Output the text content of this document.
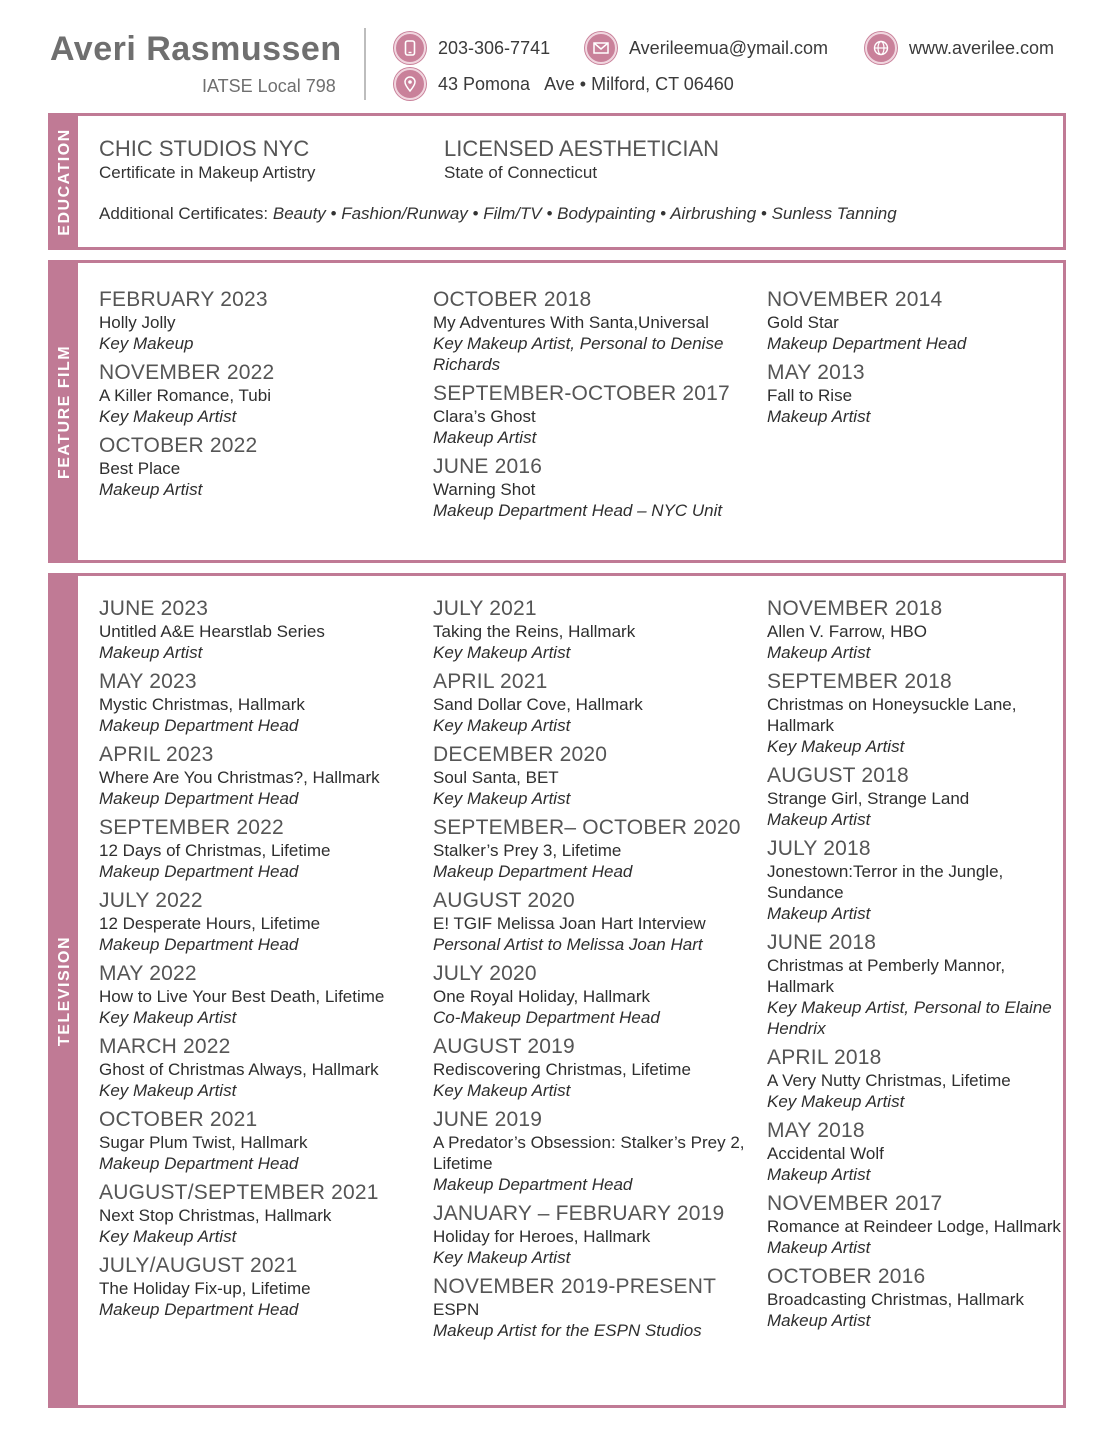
Averi Rasmussen
IATSE Local 798
203-306-7741	Averileemua@ymail.com	www.averilee.com
43 Pomona   Ave • Milford, CT 06460
EDUCATION CHIC STUDIOS NYC
Certificate in Makeup Artistry
LICENSED AESTHETICIAN
State of Connecticut
Additional Certificates: Beauty • Fashion/Runway • Film/TV • Bodypainting • Airbrushing • Sunless Tanning
FEATURE FILM
FEBRUARY 2023
Holly Jolly
Key Makeup
NOVEMBER 2022
A Killer Romance, Tubi
Key Makeup Artist
OCTOBER 2022
Best Place
Makeup Artist
OCTOBER 2018
My Adventures With Santa,Universal
Key Makeup Artist, Personal to Denise Richards
SEPTEMBER-OCTOBER 2017
Clara’s Ghost
Makeup Artist
JUNE 2016
Warning Shot
Makeup Department Head – NYC Unit
NOVEMBER 2014
Gold Star
Makeup Department Head
MAY 2013
Fall to Rise
Makeup Artist
TELEVISION
JUNE 2023
Untitled A&E Hearstlab Series
Makeup Artist
MAY 2023
Mystic Christmas, Hallmark
Makeup Department Head
APRIL 2023
Where Are You Christmas?, Hallmark
Makeup Department Head
SEPTEMBER 2022
12 Days of Christmas, Lifetime
Makeup Department Head
JULY 2022
12 Desperate Hours, Lifetime
Makeup Department Head
MAY 2022
How to Live Your Best Death, Lifetime
Key Makeup Artist
MARCH 2022
Ghost of Christmas Always, Hallmark
Key Makeup Artist
OCTOBER 2021
Sugar Plum Twist, Hallmark
Makeup Department Head
AUGUST/SEPTEMBER 2021
Next Stop Christmas, Hallmark
Key Makeup Artist
JULY/AUGUST 2021
The Holiday Fix-up, Lifetime
Makeup Department Head
JULY 2021
Taking the Reins, Hallmark
Key Makeup Artist
APRIL 2021
Sand Dollar Cove, Hallmark
Key Makeup Artist
DECEMBER 2020
Soul Santa, BET
Key Makeup Artist
SEPTEMBER– OCTOBER 2020
Stalker’s Prey 3, Lifetime
Makeup Department Head
AUGUST 2020
E! TGIF Melissa Joan Hart Interview
Personal Artist to Melissa Joan Hart
JULY 2020
One Royal Holiday, Hallmark
Co-Makeup Department Head
AUGUST 2019
Rediscovering Christmas, Lifetime
Key Makeup Artist
JUNE 2019
A Predator’s Obsession: Stalker’s Prey 2, Lifetime
Makeup Department Head
JANUARY – FEBRUARY 2019
Holiday for Heroes, Hallmark
Key Makeup Artist
NOVEMBER 2019-PRESENT
ESPN
Makeup Artist for the ESPN Studios
NOVEMBER 2018
Allen V. Farrow, HBO
Makeup Artist
SEPTEMBER 2018
Christmas on Honeysuckle Lane, Hallmark
Key Makeup Artist
AUGUST 2018
Strange Girl, Strange Land
Makeup Artist
JULY 2018
Jonestown:Terror in the Jungle, Sundance
Makeup Artist
JUNE 2018
Christmas at Pemberly Mannor, Hallmark
Key Makeup Artist, Personal to Elaine Hendrix
APRIL 2018
A Very Nutty Christmas, Lifetime
Key Makeup Artist
MAY 2018
Accidental Wolf
Makeup Artist
NOVEMBER 2017
Romance at Reindeer Lodge, Hallmark
Makeup Artist
OCTOBER 2016
Broadcasting Christmas, Hallmark
Makeup Artist
